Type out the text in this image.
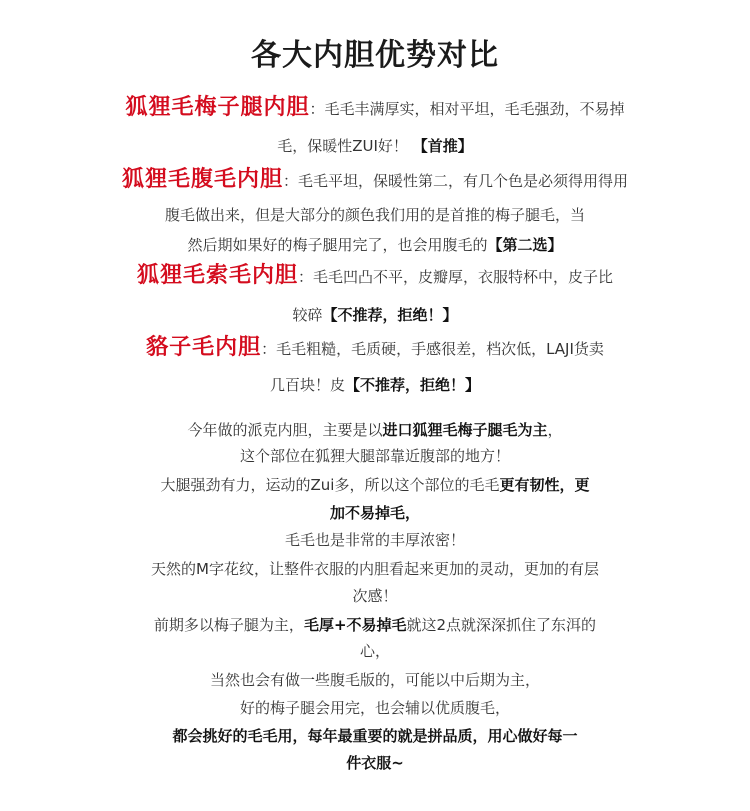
各大内胆优势对比
狐狸毛梅子腿内胆：毛毛丰满厚实，相对平坦，毛毛强劲，不易掉
毛，保暖性ZUI好！ 【首推】
狐狸毛腹毛内胆：毛毛平坦，保暖性第二，有几个色是必须得用得用
腹毛做出来，但是大部分的颜色我们用的是首推的梅子腿毛，当
然后期如果好的梅子腿用完了，也会用腹毛的【第二选】
狐狸毛索毛内胆：毛毛凹凸不平，皮瓣厚，衣服特杯中，皮子比
较碎【不推荐，拒绝！】
貉子毛内胆：毛毛粗糙，毛质硬，手感很差，档次低，LAJI货卖
几百块！皮【不推荐，拒绝！】
今年做的派克内胆，主要是以进口狐狸毛梅子腿毛为主，
这个部位在狐狸大腿部靠近腹部的地方！
大腿强劲有力，运动的Zui多，所以这个部位的毛毛更有韧性，更
加不易掉毛，
毛毛也是非常的丰厚浓密！
天然的M字花纹，让整件衣服的内胆看起来更加的灵动，更加的有层
次感！
前期多以梅子腿为主，毛厚+不易掉毛就这2点就深深抓住了东洱的
心，
当然也会有做一些腹毛版的，可能以中后期为主，
好的梅子腿会用完，也会辅以优质腹毛，
都会挑好的毛毛用，每年最重要的就是拼品质，用心做好每一
件衣服~
